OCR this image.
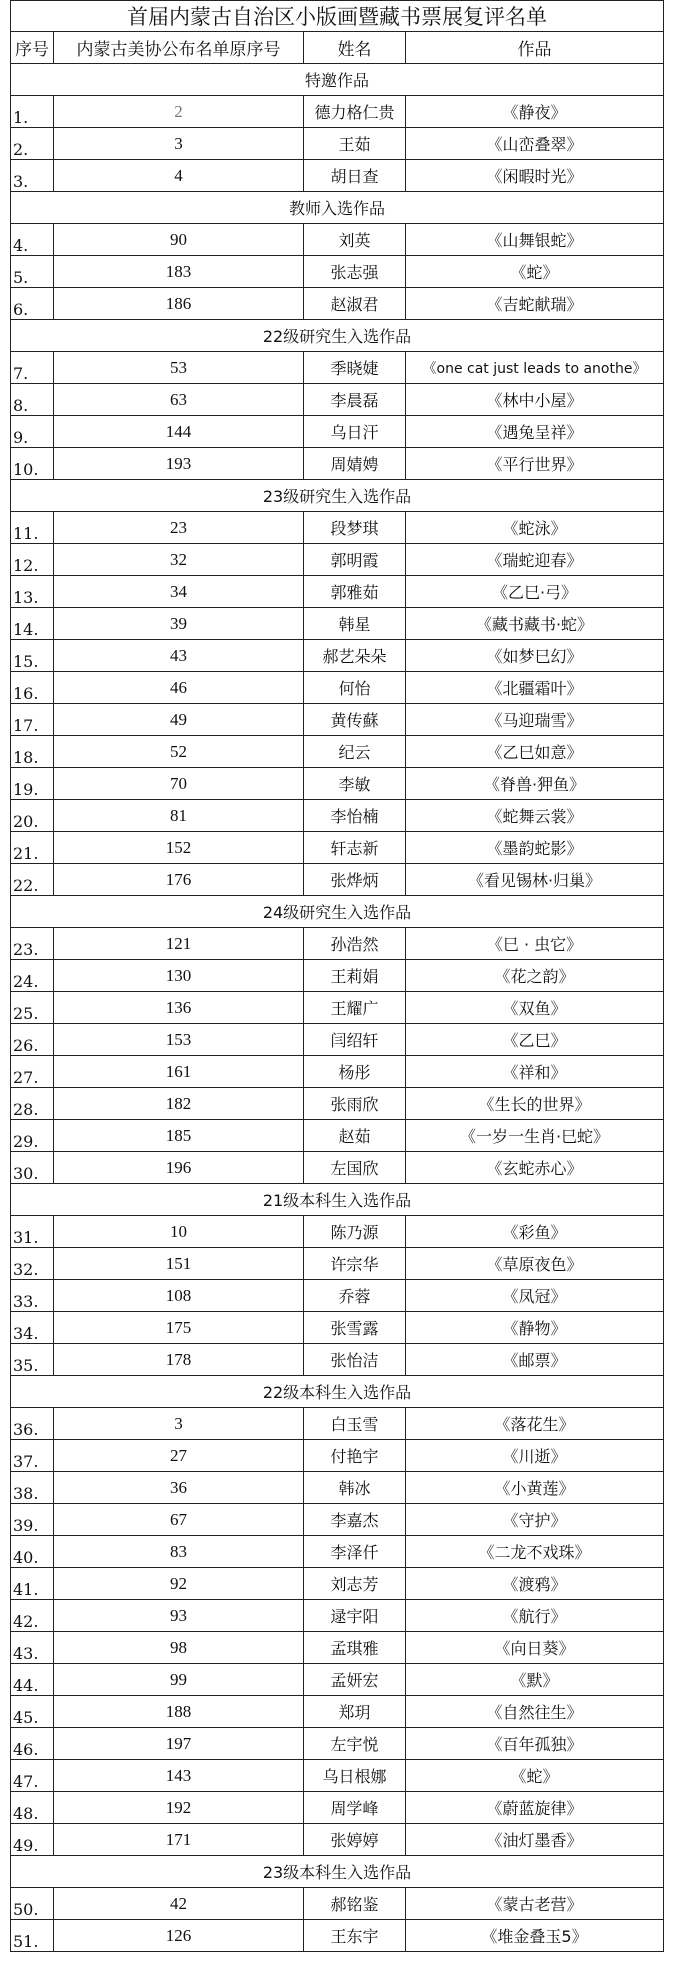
首届内蒙古自治区小版画暨藏书票展复评名单			
序号	内蒙古美协公布名单原序号	姓名	作品
特邀作品			
1.	2	德力格仁贵	《静夜》
2.	3	王茹	《山峦叠翠》
3.	4	胡日查	《闲暇时光》
教师入选作品			
4.	90	刘英	《山舞银蛇》
5.	183	张志强	《蛇》
6.	186	赵淑君	《吉蛇献瑞》
22级研究生入选作品			
7.	53	季晓婕	《one cat just leads to anothe》
8.	63	李晨磊	《林中小屋》
9.	144	乌日汗	《遇兔呈祥》
10.	193	周婧娉	《平行世界》
23级研究生入选作品			
11.	23	段梦琪	《蛇泳》
12.	32	郭明霞	《瑞蛇迎春》
13.	34	郭雅茹	《乙巳·弓》
14.	39	韩星	《藏书藏书·蛇》
15.	43	郝艺朵朵	《如梦巳幻》
16.	46	何怡	《北疆霜叶》
17.	49	黄传蘇	《马迎瑞雪》
18.	52	纪云	《乙巳如意》
19.	70	李敏	《脊兽·狎鱼》
20.	81	李怡楠	《蛇舞云裳》
21.	152	轩志新	《墨韵蛇影》
22.	176	张烨炳	《看见锡林·归巢》
24级研究生入选作品			
23.	121	孙浩然	《巳 · 虫它》
24.	130	王莉娟	《花之韵》
25.	136	王耀广	《双鱼》
26.	153	闫绍轩	《乙巳》
27.	161	杨彤	《祥和》
28.	182	张雨欣	《生长的世界》
29.	185	赵茹	《一岁一生肖·巳蛇》
30.	196	左国欣	《玄蛇赤心》
21级本科生入选作品			
31.	10	陈乃源	《彩鱼》
32.	151	许宗华	《草原夜色》
33.	108	乔蓉	《凤冠》
34.	175	张雪露	《静物》
35.	178	张怡洁	《邮票》
22级本科生入选作品			
36.	3	白玉雪	《落花生》
37.	27	付艳宇	《川逝》
38.	36	韩冰	《小黄莲》
39.	67	李嘉杰	《守护》
40.	83	李泽仟	《二龙不戏珠》
41.	92	刘志芳	《渡鸦》
42.	93	逯宇阳	《航行》
43.	98	孟琪雅	《向日葵》
44.	99	孟妍宏	《默》
45.	188	郑玥	《自然往生》
46.	197	左宇悦	《百年孤独》
47.	143	乌日根娜	《蛇》
48.	192	周学峰	《蔚蓝旋律》
49.	171	张婷婷	《油灯墨香》
23级本科生入选作品			
50.	42	郝铭鉴	《蒙古老营》
51.	126	王东宇	《堆金叠玉5》
